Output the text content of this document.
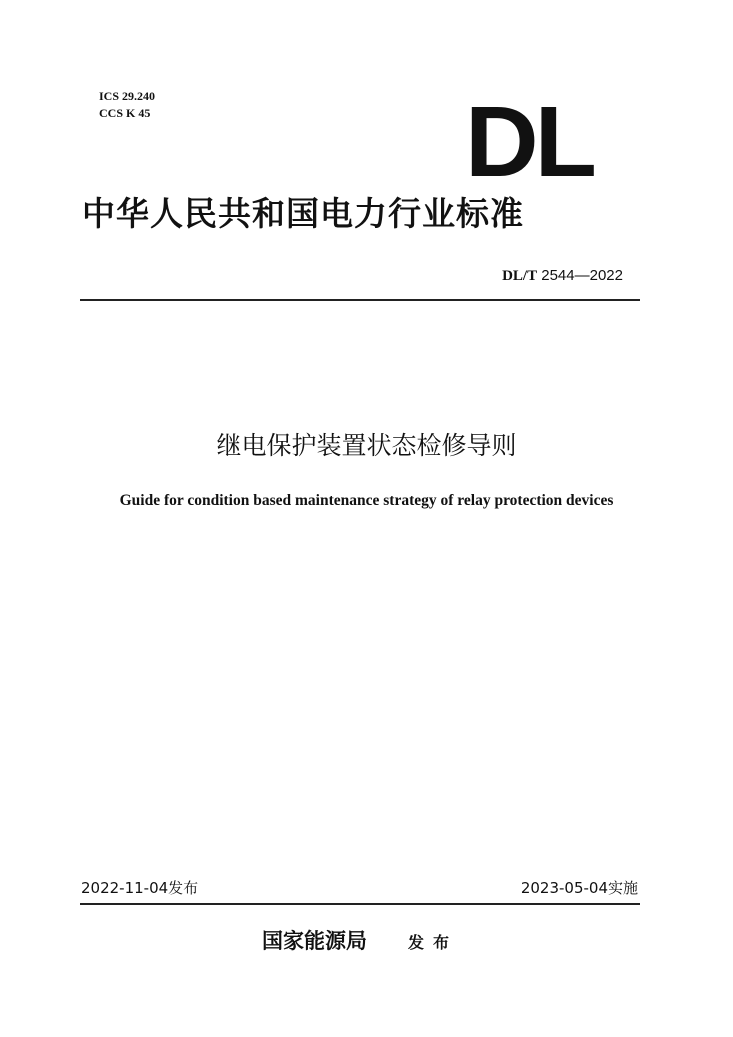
ICS 29.240
CCS K 45	DL
中华人民共和国电力行业标准
DL/T 2544—2022
继电保护装置状态检修导则
Guide for condition based maintenance strategy of relay protection devices
2022-11-04发布	2023-05-04实施
国家能源局	发布
